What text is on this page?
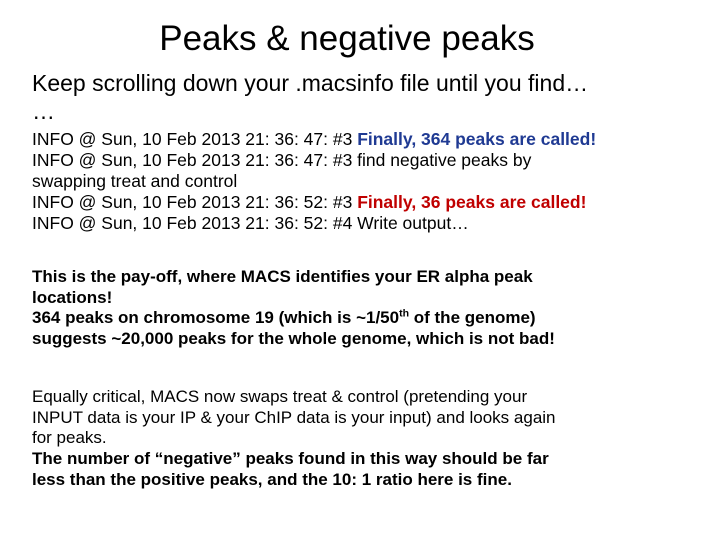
Peaks & negative peaks
Keep scrolling down your .macsinfo file until you find…
…
INFO @ Sun, 10 Feb 2013 21: 36: 47: #3 Finally, 364 peaks are called!
INFO @ Sun, 10 Feb 2013 21: 36: 47: #3 find negative peaks by
swapping treat and control
INFO @ Sun, 10 Feb 2013 21: 36: 52: #3 Finally, 36 peaks are called!
INFO @ Sun, 10 Feb 2013 21: 36: 52: #4 Write output…
This is the pay-off, where MACS identifies your ER alpha peak
locations!
364 peaks on chromosome 19 (which is ~1/50th of the genome)
suggests ~20,000 peaks for the whole genome, which is not bad!
Equally critical, MACS now swaps treat & control (pretending your
INPUT data is your IP & your ChIP data is your input) and looks again
for peaks.
The number of “negative” peaks found in this way should be far
less than the positive peaks, and the 10: 1 ratio here is fine.
